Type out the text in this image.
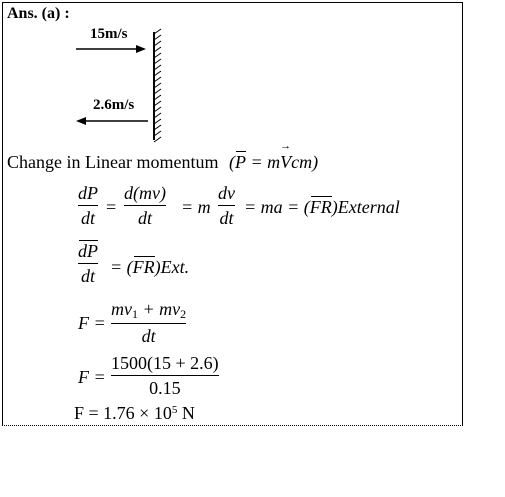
Ans. (a) :
15m/s
2.6m/s
Change in Linear momentum (P = m→ Vcm)
dP
dt
=
d(mv)
dt
= m
dv
dt
= ma = (FR)External
dP
dt = (FR)Ext.
F =
$mv_1 + mv_2$
dt
F =
1500(15 + 2.6)
0.15
$F = 1.76 \times 10^5$ N
